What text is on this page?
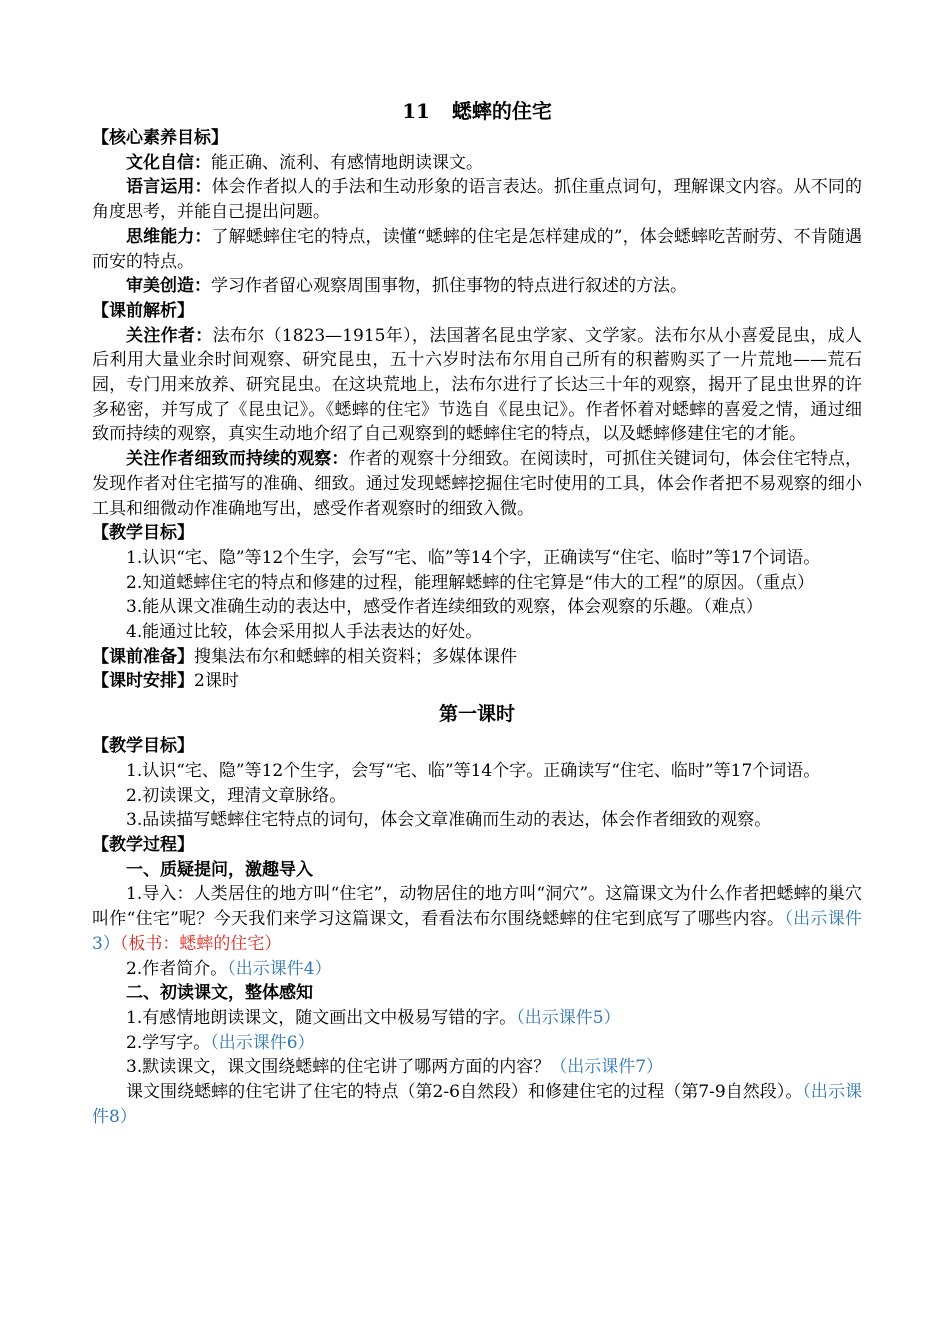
11 蟋蟀的住宅

【核心素养目标】

文化自信：能正确、流利、有感情地朗读课文。

语言运用：体会作者拟人的手法和生动形象的语言表达。抓住重点词句，理解课文内容。从不同的角度思考，并能自己提出问题。

思维能力：了解蟋蟀住宅的特点，读懂“蟋蟀的住宅是怎样建成的”，体会蟋蟀吃苦耐劳、不肯随遇而安的特点。

审美创造：学习作者留心观察周围事物，抓住事物的特点进行叙述的方法。

【课前解析】

关注作者：法布尔（1823—1915年），法国著名昆虫学家、文学家。法布尔从小喜爱昆虫，成人后利用大量业余时间观察、研究昆虫，五十六岁时法布尔用自己所有的积蓄购买了一片荒地——荒石园，专门用来放养、研究昆虫。在这块荒地上，法布尔进行了长达三十年的观察，揭开了昆虫世界的许多秘密，并写成了《昆虫记》。《蟋蟀的住宅》节选自《昆虫记》。作者怀着对蟋蟀的喜爱之情，通过细致而持续的观察，真实生动地介绍了自己观察到的蟋蟀住宅的特点，以及蟋蟀修建住宅的才能。

关注作者细致而持续的观察：作者的观察十分细致。在阅读时，可抓住关键词句，体会住宅特点，发现作者对住宅描写的准确、细致。通过发现蟋蟀挖掘住宅时使用的工具，体会作者把不易观察的细小工具和细微动作准确地写出，感受作者观察时的细致入微。

【教学目标】

1.认识“宅、隐”等12个生字，会写“宅、临”等14个字，正确读写“住宅、临时”等17个词语。

2.知道蟋蟀住宅的特点和修建的过程，能理解蟋蟀的住宅算是“伟大的工程”的原因。（重点）

3.能从课文准确生动的表达中，感受作者连续细致的观察，体会观察的乐趣。（难点）

4.能通过比较，体会采用拟人手法表达的好处。

【课前准备】搜集法布尔和蟋蟀的相关资料；多媒体课件

【课时安排】2课时

第一课时

【教学目标】

1.认识“宅、隐”等12个生字，会写“宅、临”等14个字。正确读写“住宅、临时”等17个词语。

2.初读课文，理清文章脉络。

3.品读描写蟋蟀住宅特点的词句，体会文章准确而生动的表达，体会作者细致的观察。

【教学过程】

一、质疑提问，激趣导入

1.导入：人类居住的地方叫“住宅”，动物居住的地方叫“洞穴”。这篇课文为什么作者把蟋蟀的巢穴叫作“住宅”呢？今天我们来学习这篇课文，看看法布尔围绕蟋蟀的住宅到底写了哪些内容。（出示课件3）（板书：蟋蟀的住宅）

2.作者简介。（出示课件4）

二、初读课文，整体感知

1.有感情地朗读课文，随文画出文中极易写错的字。（出示课件5）

2.学写字。（出示课件6）

3.默读课文，课文围绕蟋蟀的住宅讲了哪两方面的内容？（出示课件7）

课文围绕蟋蟀的住宅讲了住宅的特点（第2-6自然段）和修建住宅的过程（第7-9自然段）。（出示课件8）
